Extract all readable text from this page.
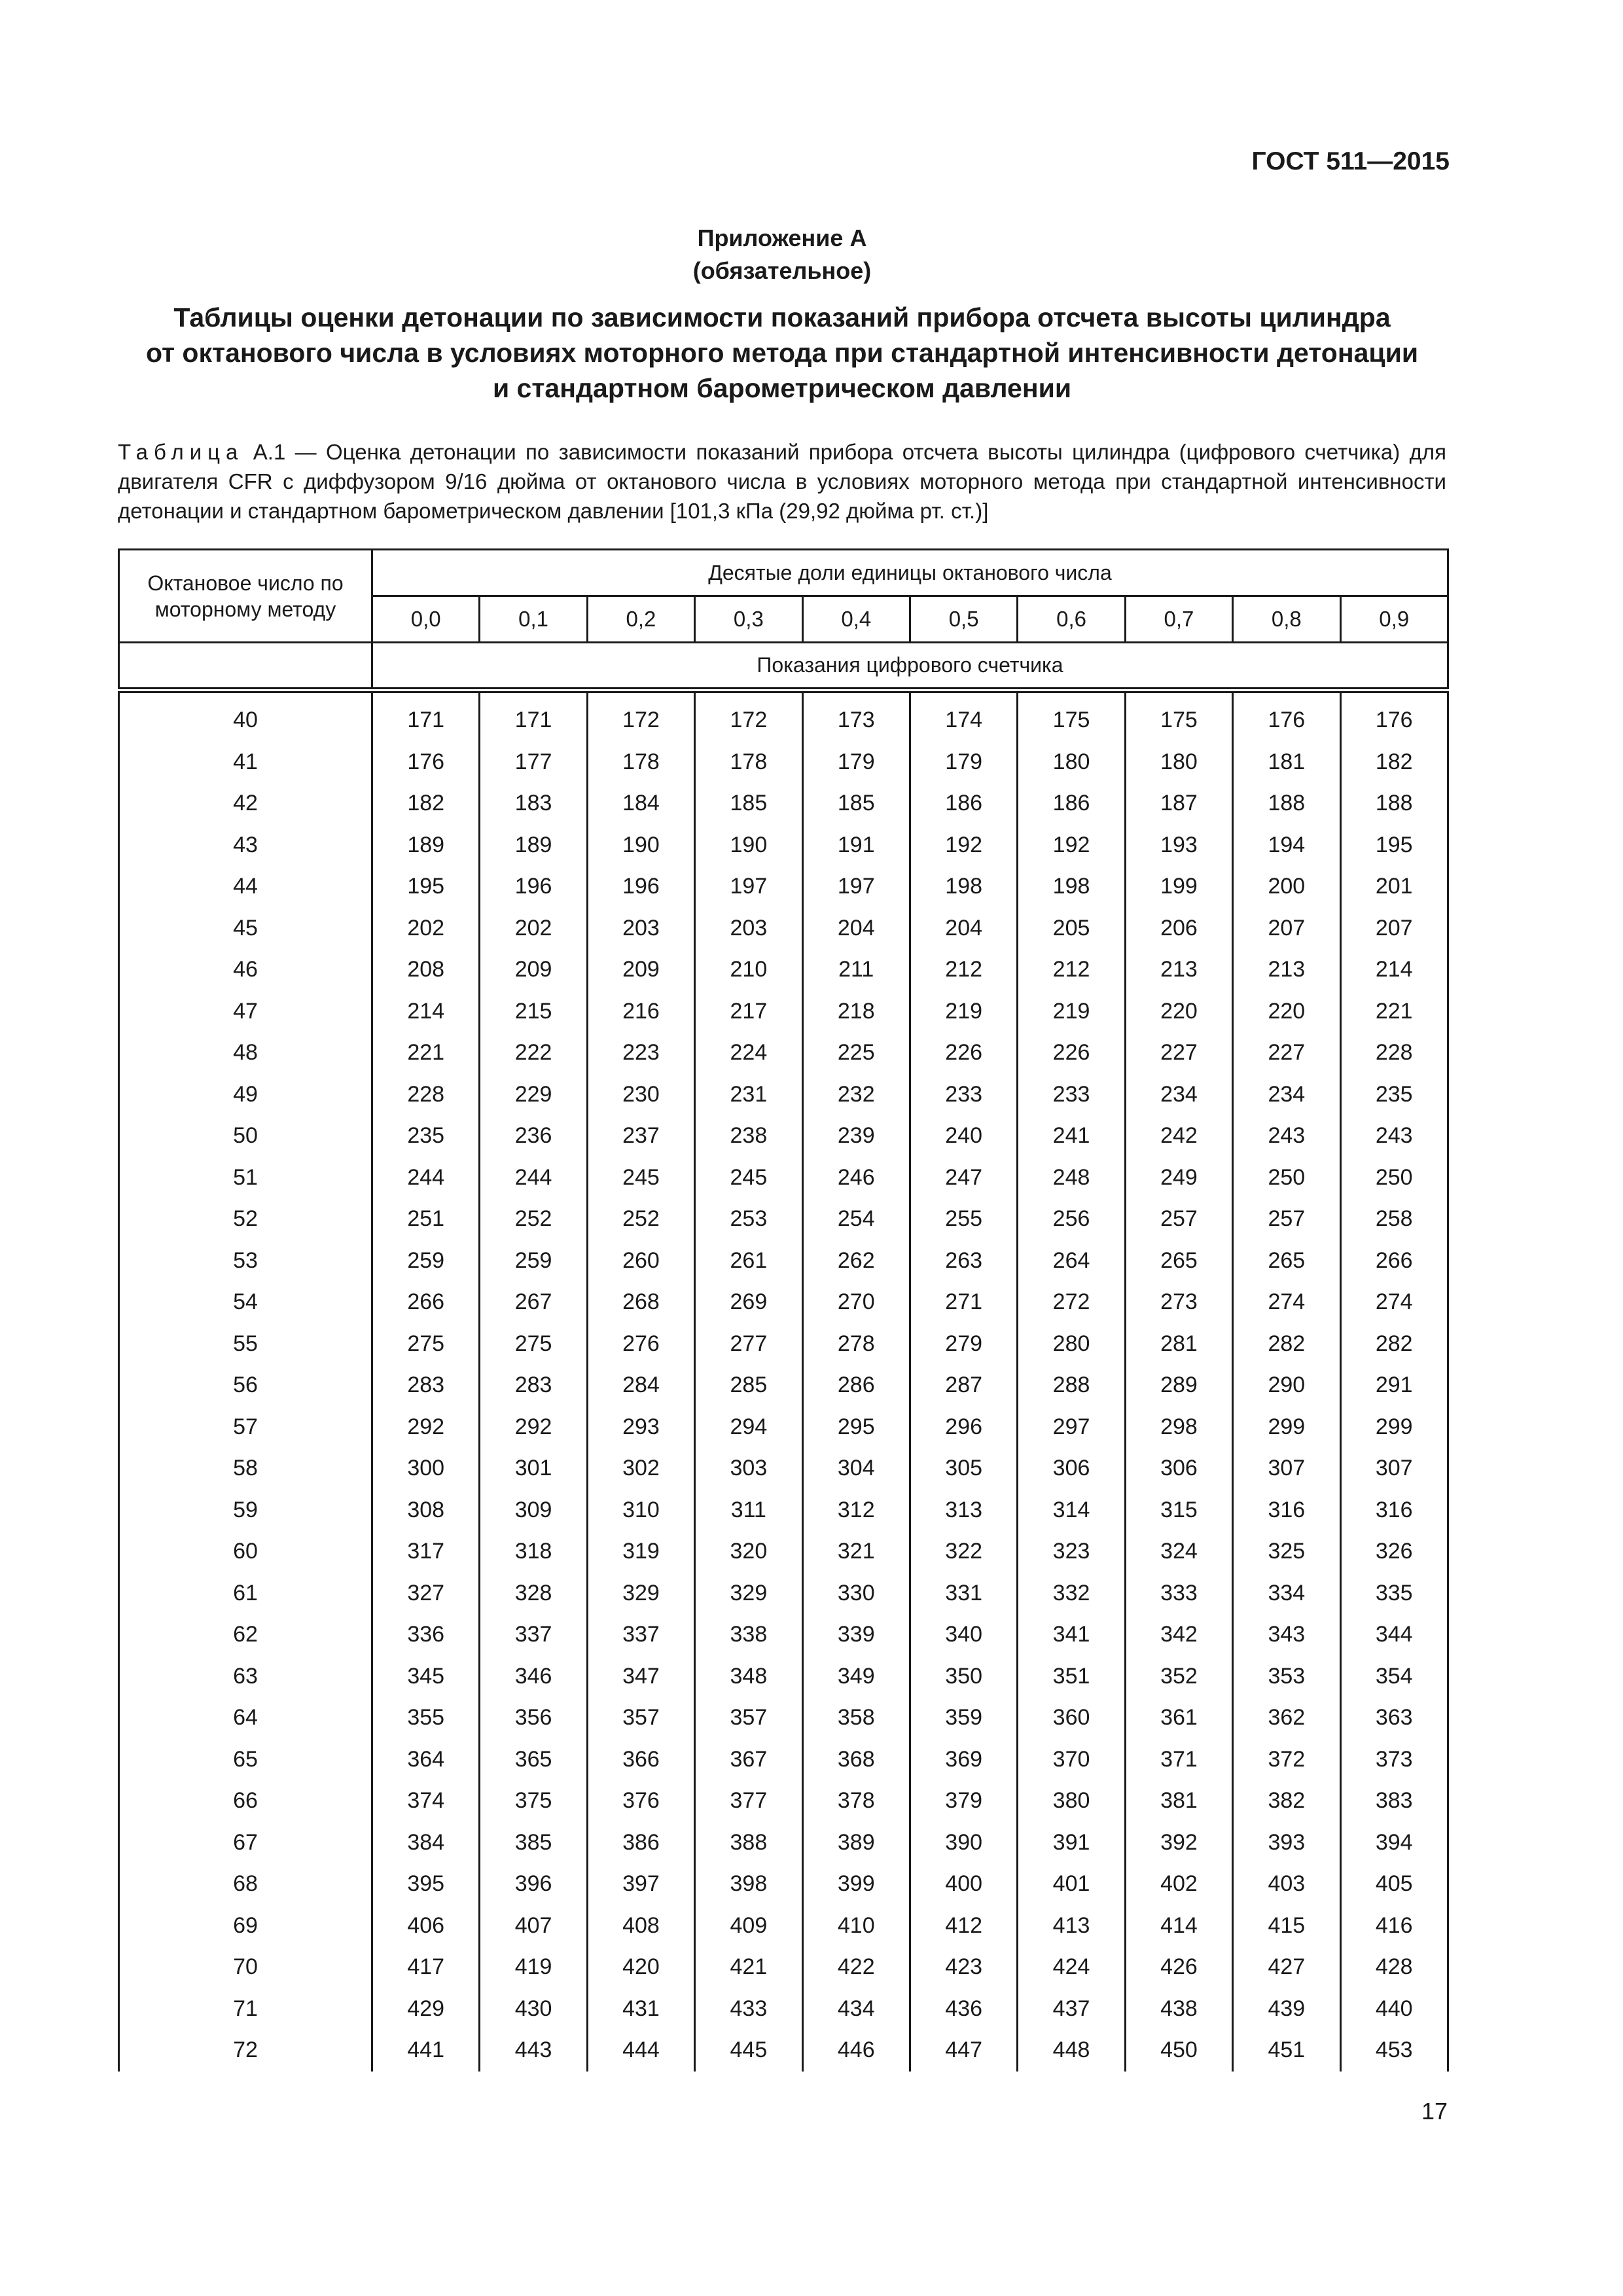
ГОСТ 511—2015
Приложение А
(обязательное)
Таблицы оценки детонации по зависимости показаний прибора отсчета высоты цилиндра
от октанового числа в условиях моторного метода при стандартной интенсивности детонации
и стандартном барометрическом давлении
Таблица А.1 — Оценка детонации по зависимости показаний прибора отсчета высоты цилиндра (цифрового счетчика) для двигателя CFR с диффузором 9/16 дюйма от октанового числа в условиях моторного метода при стандартной интенсивности детонации и стандартном барометрическом давлении [101,3 кПа (29,92 дюйма рт. ст.)]
Октановое число по моторному методу	Десятые доли единицы октанового числа									
	0,0	0,1	0,2	0,3	0,4	0,5	0,6	0,7	0,8	0,9
	Показания цифрового счетчика									
40	171	171	172	172	173	174	175	175	176	176
41	176	177	178	178	179	179	180	180	181	182
42	182	183	184	185	185	186	186	187	188	188
43	189	189	190	190	191	192	192	193	194	195
44	195	196	196	197	197	198	198	199	200	201
45	202	202	203	203	204	204	205	206	207	207
46	208	209	209	210	211	212	212	213	213	214
47	214	215	216	217	218	219	219	220	220	221
48	221	222	223	224	225	226	226	227	227	228
49	228	229	230	231	232	233	233	234	234	235
50	235	236	237	238	239	240	241	242	243	243
51	244	244	245	245	246	247	248	249	250	250
52	251	252	252	253	254	255	256	257	257	258
53	259	259	260	261	262	263	264	265	265	266
54	266	267	268	269	270	271	272	273	274	274
55	275	275	276	277	278	279	280	281	282	282
56	283	283	284	285	286	287	288	289	290	291
57	292	292	293	294	295	296	297	298	299	299
58	300	301	302	303	304	305	306	306	307	307
59	308	309	310	311	312	313	314	315	316	316
60	317	318	319	320	321	322	323	324	325	326
61	327	328	329	329	330	331	332	333	334	335
62	336	337	337	338	339	340	341	342	343	344
63	345	346	347	348	349	350	351	352	353	354
64	355	356	357	357	358	359	360	361	362	363
65	364	365	366	367	368	369	370	371	372	373
66	374	375	376	377	378	379	380	381	382	383
67	384	385	386	388	389	390	391	392	393	394
68	395	396	397	398	399	400	401	402	403	405
69	406	407	408	409	410	412	413	414	415	416
70	417	419	420	421	422	423	424	426	427	428
71	429	430	431	433	434	436	437	438	439	440
72	441	443	444	445	446	447	448	450	451	453
17
